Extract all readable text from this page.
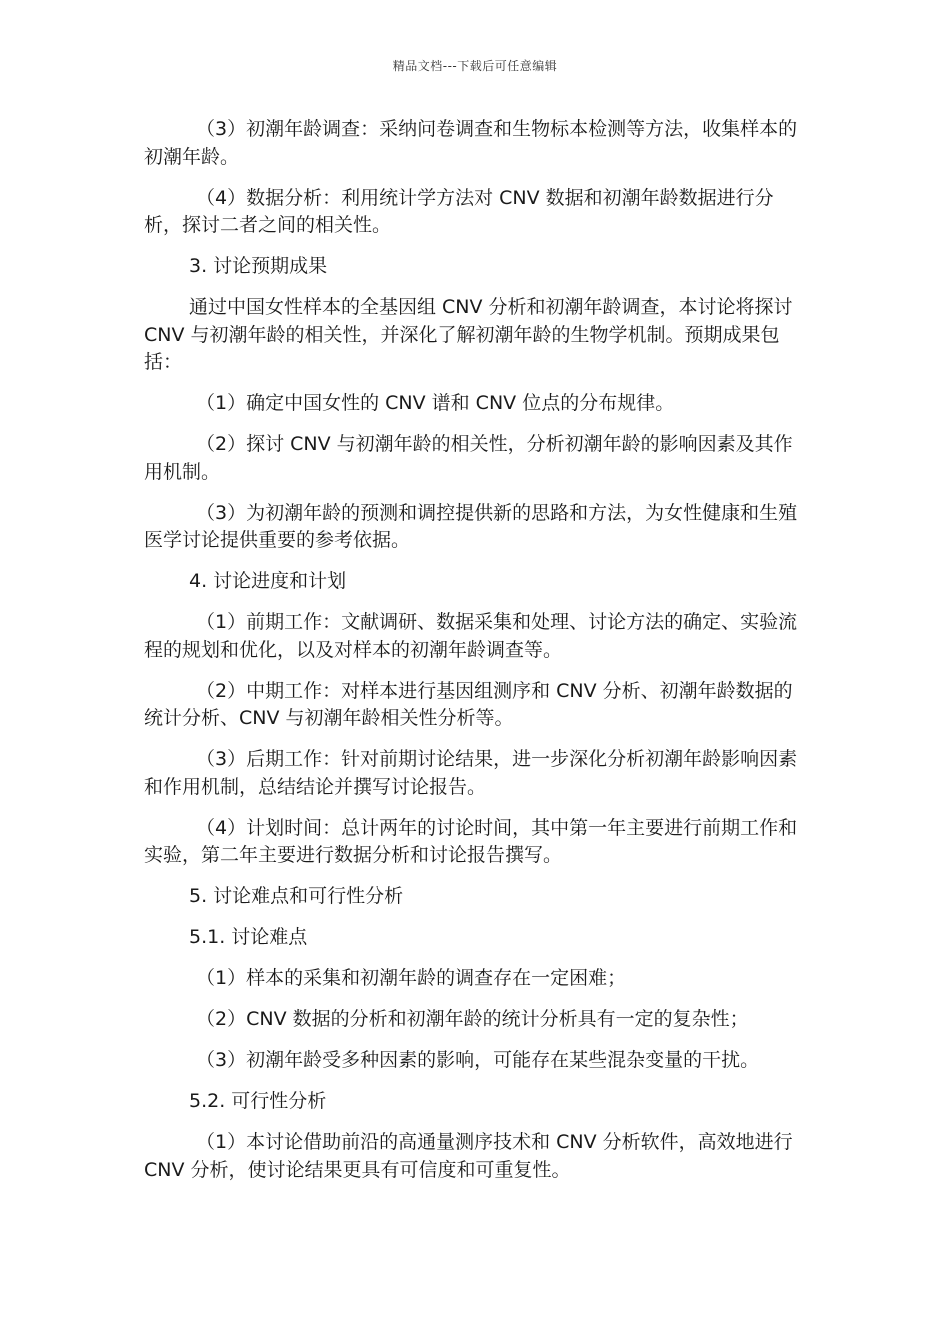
精品文档---下载后可任意编辑

（3）初潮年龄调查：采纳问卷调查和生物标本检测等方法，收集样本的初潮年龄。

（4）数据分析：利用统计学方法对 CNV 数据和初潮年龄数据进行分析，探讨二者之间的相关性。

3. 讨论预期成果

通过中国女性样本的全基因组 CNV 分析和初潮年龄调查，本讨论将探讨 CNV 与初潮年龄的相关性，并深化了解初潮年龄的生物学机制。预期成果包括：

（1）确定中国女性的 CNV 谱和 CNV 位点的分布规律。

（2）探讨 CNV 与初潮年龄的相关性，分析初潮年龄的影响因素及其作用机制。

（3）为初潮年龄的预测和调控提供新的思路和方法，为女性健康和生殖医学讨论提供重要的参考依据。

4. 讨论进度和计划

（1）前期工作：文献调研、数据采集和处理、讨论方法的确定、实验流程的规划和优化，以及对样本的初潮年龄调查等。

（2）中期工作：对样本进行基因组测序和 CNV 分析、初潮年龄数据的统计分析、CNV 与初潮年龄相关性分析等。

（3）后期工作：针对前期讨论结果，进一步深化分析初潮年龄影响因素和作用机制，总结结论并撰写讨论报告。

（4）计划时间：总计两年的讨论时间，其中第一年主要进行前期工作和实验，第二年主要进行数据分析和讨论报告撰写。

5. 讨论难点和可行性分析

5.1. 讨论难点

（1）样本的采集和初潮年龄的调查存在一定困难；

（2）CNV 数据的分析和初潮年龄的统计分析具有一定的复杂性；

（3）初潮年龄受多种因素的影响，可能存在某些混杂变量的干扰。

5.2. 可行性分析

（1）本讨论借助前沿的高通量测序技术和 CNV 分析软件，高效地进行 CNV 分析，使讨论结果更具有可信度和可重复性。
